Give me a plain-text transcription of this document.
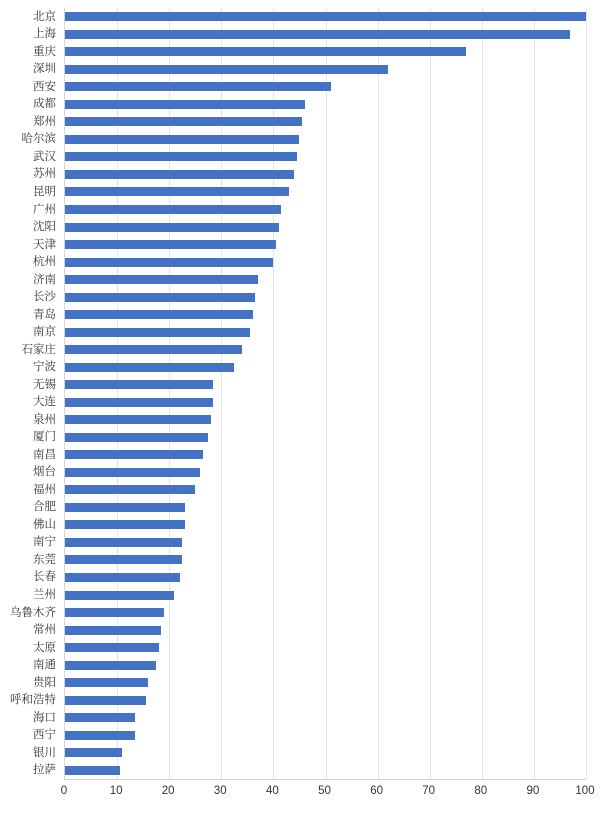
北京
上海
重庆
深圳
西安
成都
郑州
哈尔滨
武汉
苏州
昆明
广州
沈阳
天津
杭州
济南
长沙
青岛
南京
石家庄
宁波
无锡
大连
泉州
厦门
南昌
烟台
福州
合肥
佛山
南宁
东莞
长春
兰州
乌鲁木齐
常州
太原
南通
贵阳
呼和浩特
海口
西宁
银川
拉萨
0	10	20	30	40	50	60	70	80	90	100
